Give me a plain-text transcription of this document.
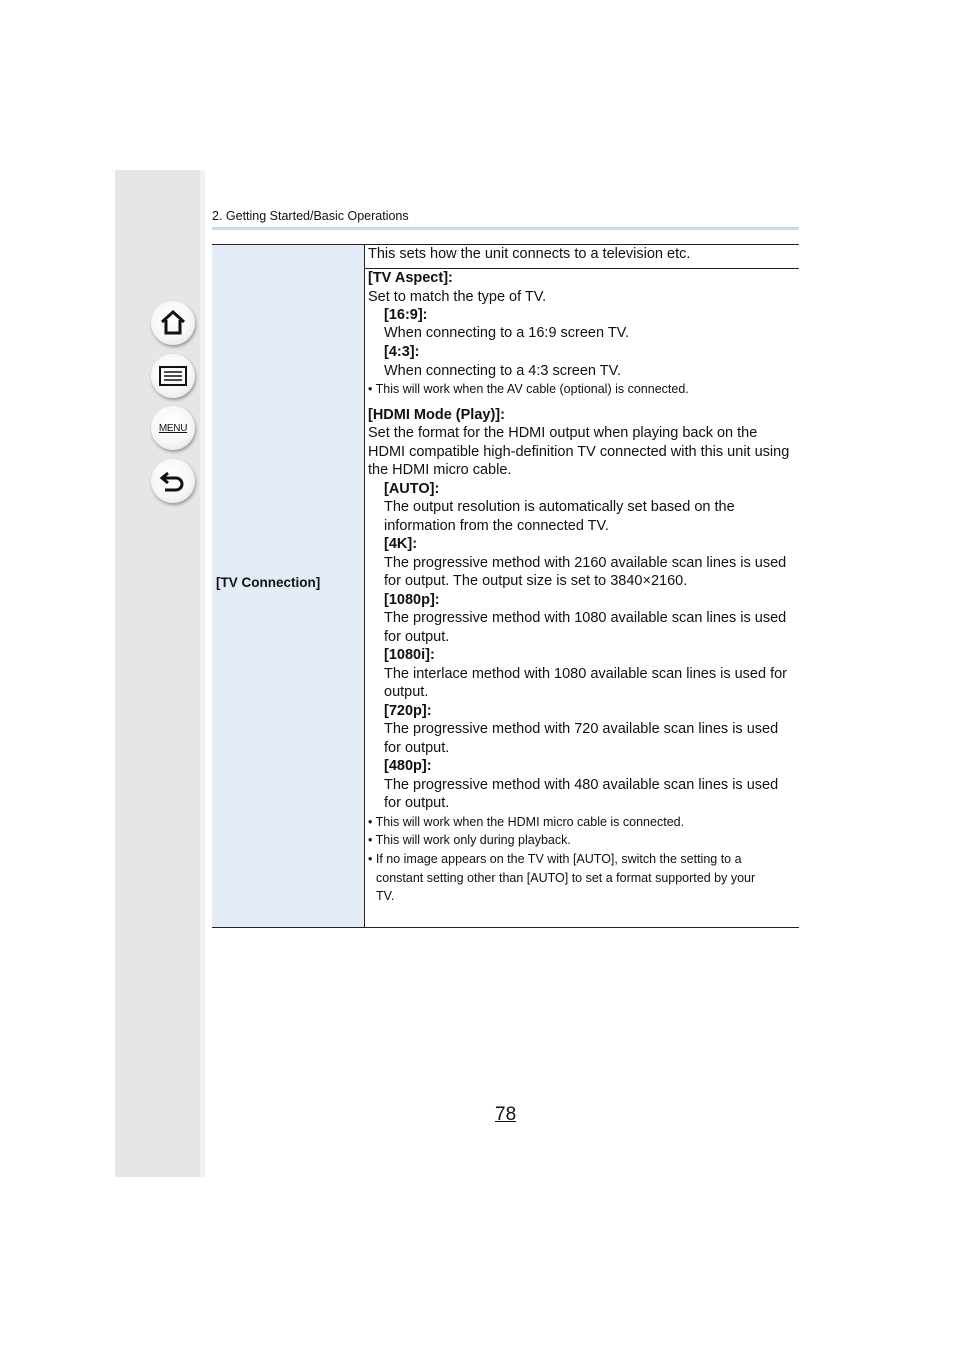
MENU
2. Getting Started/Basic Operations
[TV Connection]
This sets how the unit connects to a television etc.
[TV Aspect]:
Set to match the type of TV.
[16:9]:
When connecting to a 16:9 screen TV.
[4:3]:
When connecting to a 4:3 screen TV.
• This will work when the AV cable (optional) is connected.
[HDMI Mode (Play)]:
Set the format for the HDMI output when playing back on the
HDMI compatible high-definition TV connected with this unit using
the HDMI micro cable.
[AUTO]:
The output resolution is automatically set based on the
information from the connected TV.
[4K]:
The progressive method with 2160 available scan lines is used
for output. The output size is set to 3840×2160.
[1080p]:
The progressive method with 1080 available scan lines is used
for output.
[1080i]:
The interlace method with 1080 available scan lines is used for
output.
[720p]:
The progressive method with 720 available scan lines is used
for output.
[480p]:
The progressive method with 480 available scan lines is used
for output.
• This will work when the HDMI micro cable is connected.
• This will work only during playback.
• If no image appears on the TV with [AUTO], switch the setting to a
constant setting other than [AUTO] to set a format supported by your
TV.
78
